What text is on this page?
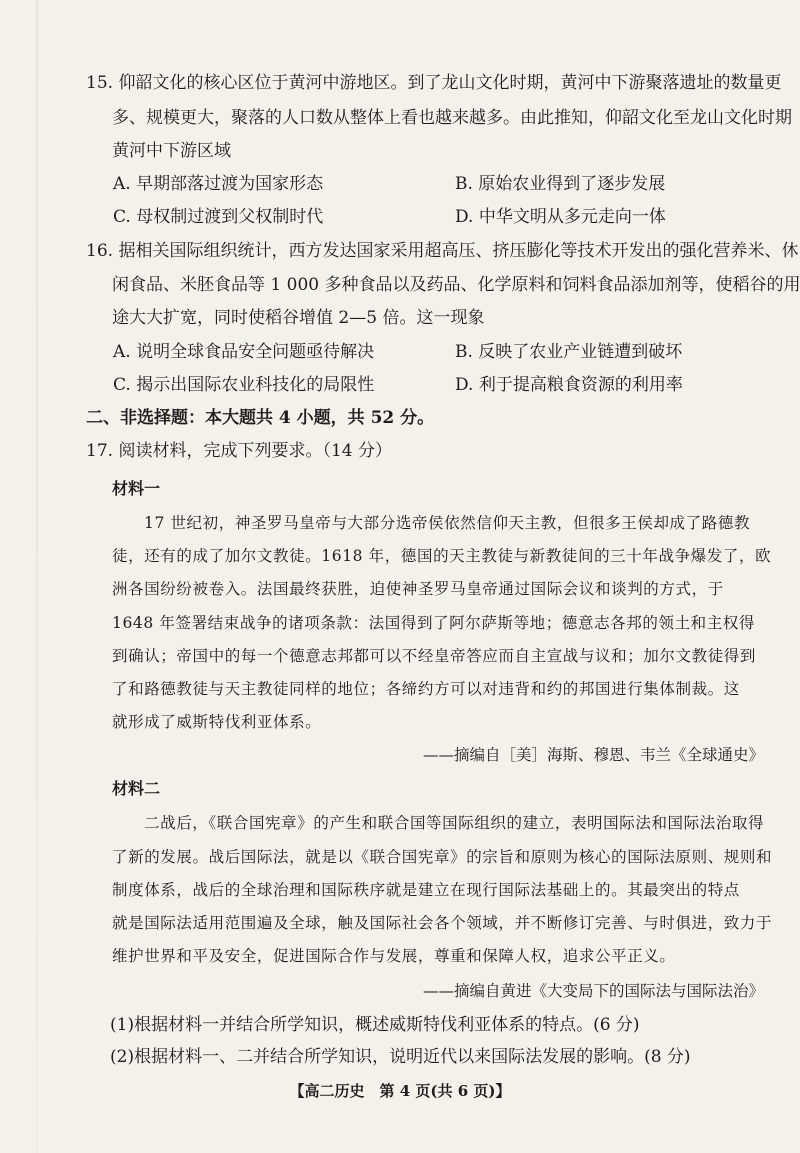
15. 仰韶文化的核心区位于黄河中游地区。到了龙山文化时期，黄河中下游聚落遗址的数量更
多、规模更大，聚落的人口数从整体上看也越来越多。由此推知，仰韶文化至龙山文化时期
黄河中下游区域
A. 早期部落过渡为国家形态	B. 原始农业得到了逐步发展
C. 母权制过渡到父权制时代	D. 中华文明从多元走向一体
16. 据相关国际组织统计，西方发达国家采用超高压、挤压膨化等技术开发出的强化营养米、休
闲食品、米胚食品等 1 000 多种食品以及药品、化学原料和饲料食品添加剂等，使稻谷的用
途大大扩宽，同时使稻谷增值 2—5 倍。这一现象
A. 说明全球食品安全问题亟待解决	B. 反映了农业产业链遭到破坏
C. 揭示出国际农业科技化的局限性	D. 利于提高粮食资源的利用率
二、非选择题：本大题共 4 小题，共 52 分。
17. 阅读材料，完成下列要求。（14 分）
材料一
17 世纪初，神圣罗马皇帝与大部分选帝侯依然信仰天主教，但很多王侯却成了路德教
徒，还有的成了加尔文教徒。1618 年，德国的天主教徒与新教徒间的三十年战争爆发了，欧
洲各国纷纷被卷入。法国最终获胜，迫使神圣罗马皇帝通过国际会议和谈判的方式，于
1648 年签署结束战争的诸项条款：法国得到了阿尔萨斯等地；德意志各邦的领土和主权得
到确认；帝国中的每一个德意志邦都可以不经皇帝答应而自主宣战与议和；加尔文教徒得到
了和路德教徒与天主教徒同样的地位；各缔约方可以对违背和约的邦国进行集体制裁。这
就形成了威斯特伐利亚体系。
——摘编自［美］海斯、穆恩、韦兰《全球通史》
材料二
二战后，《联合国宪章》的产生和联合国等国际组织的建立，表明国际法和国际法治取得
了新的发展。战后国际法，就是以《联合国宪章》的宗旨和原则为核心的国际法原则、规则和
制度体系，战后的全球治理和国际秩序就是建立在现行国际法基础上的。其最突出的特点
就是国际法适用范围遍及全球，触及国际社会各个领域，并不断修订完善、与时俱进，致力于
维护世界和平及安全，促进国际合作与发展，尊重和保障人权，追求公平正义。
——摘编自黄进《大变局下的国际法与国际法治》
(1)根据材料一并结合所学知识，概述威斯特伐利亚体系的特点。(6 分)
(2)根据材料一、二并结合所学知识，说明近代以来国际法发展的影响。(8 分)
【高二历史　第 4 页(共 6 页)】
